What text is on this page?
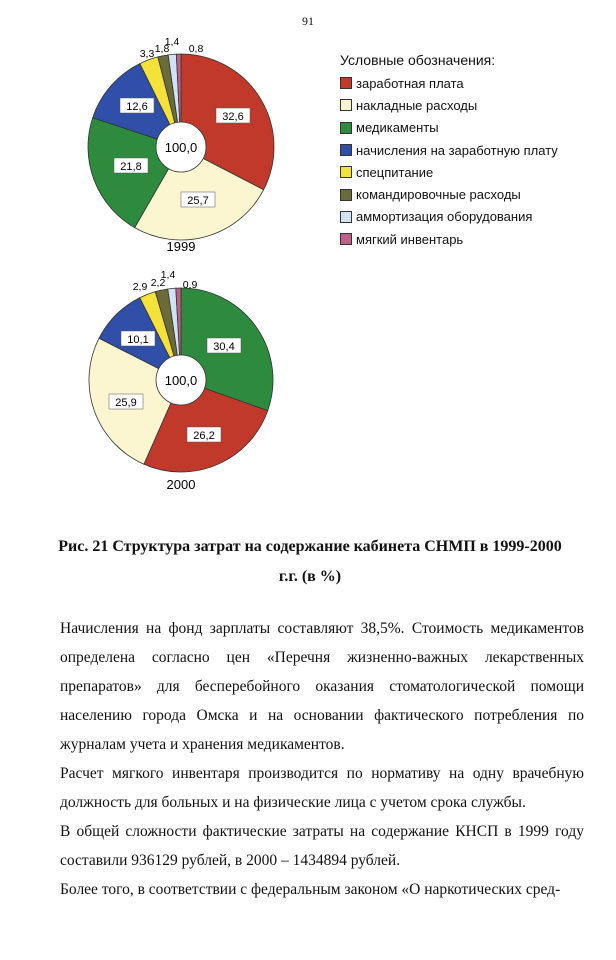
91
100,0
1999
32,6
25,7
21,8
12,6
3,3 1,8
1,4
0,8
100,0
2000
30,4
26,2
25,9
10,1
2,9 2,2
1,4
0,9
Условные обозначения:
заработная плата
накладные расходы
медикаменты
начисления на заработную плату
спецпитание
командировочные расходы
аммортизация оборудования
мягкий инвентарь
Рис. 21 Структура затрат на содержание кабинета СНМП в 1999-2000
г.г. (в %)

Начисления на фонд зарплаты составляют 38,5%. Стоимость медикаментов определена согласно цен «Перечня жизненно-важных лекарственных препаратов» для бесперебойного оказания стоматологической помощи населению города Омска и на основании фактического потребления по журналам учета и хранения медикаментов.

Расчет мягкого инвентаря производится по нормативу на одну врачебную должность для больных и на физические лица с учетом срока службы.

В общей сложности фактические затраты на содержание КНСП в 1999 году составили 936129 рублей, в 2000 – 1434894 рублей.

Более того, в соответствии с федеральным законом «О наркотических сред-
